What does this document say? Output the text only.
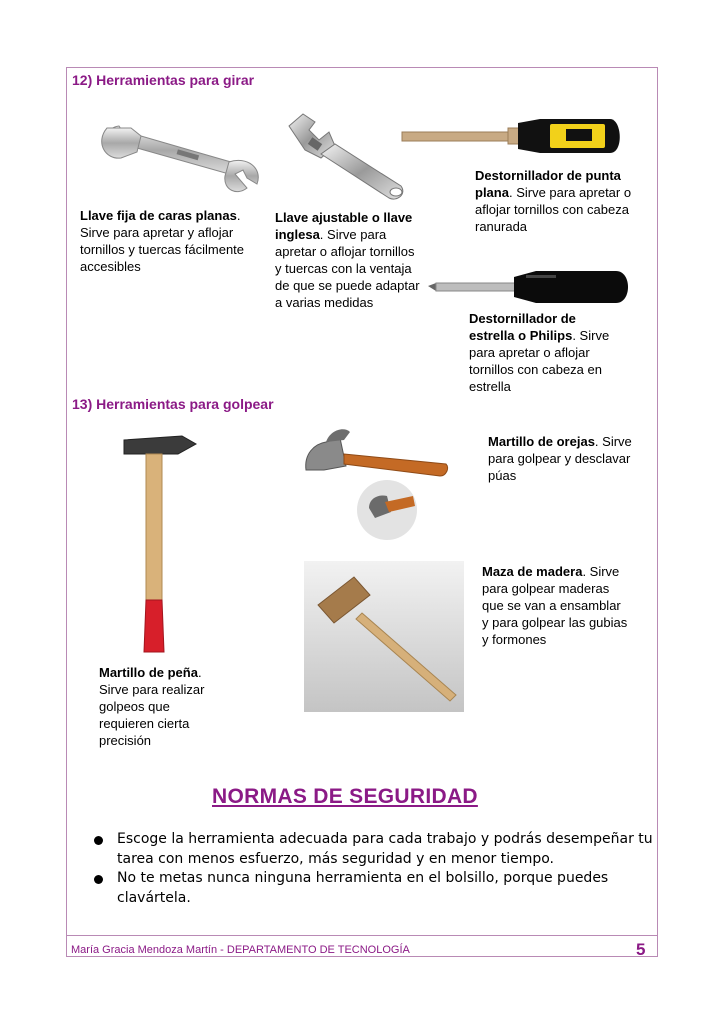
12) Herramientas para girar
Llave fija de caras planas. Sirve para apretar y aflojar tornillos y tuercas fácilmente accesibles
Llave ajustable o llave inglesa. Sirve para apretar o aflojar tornillos y tuercas con la ventaja de que se puede adaptar a varias medidas
Destornillador de punta plana. Sirve para apretar o aflojar tornillos con cabeza ranurada
Destornillador de estrella o Philips. Sirve para apretar o aflojar tornillos con cabeza en estrella
13) Herramientas para golpear
Martillo de orejas. Sirve para golpear y desclavar púas
Maza de madera. Sirve para golpear maderas que se van a ensamblar y para golpear las gubias y formones
Martillo de peña. Sirve para realizar golpeos que requieren cierta precisión
NORMAS DE SEGURIDAD
Escoge la herramienta adecuada para cada trabajo y podrás desempeñar tu tarea con menos esfuerzo, más seguridad y en menor tiempo.
No te metas nunca ninguna herramienta en el bolsillo, porque puedes clavártela.
María Gracia Mendoza Martín - DEPARTAMENTO DE TECNOLOGÍA	5
